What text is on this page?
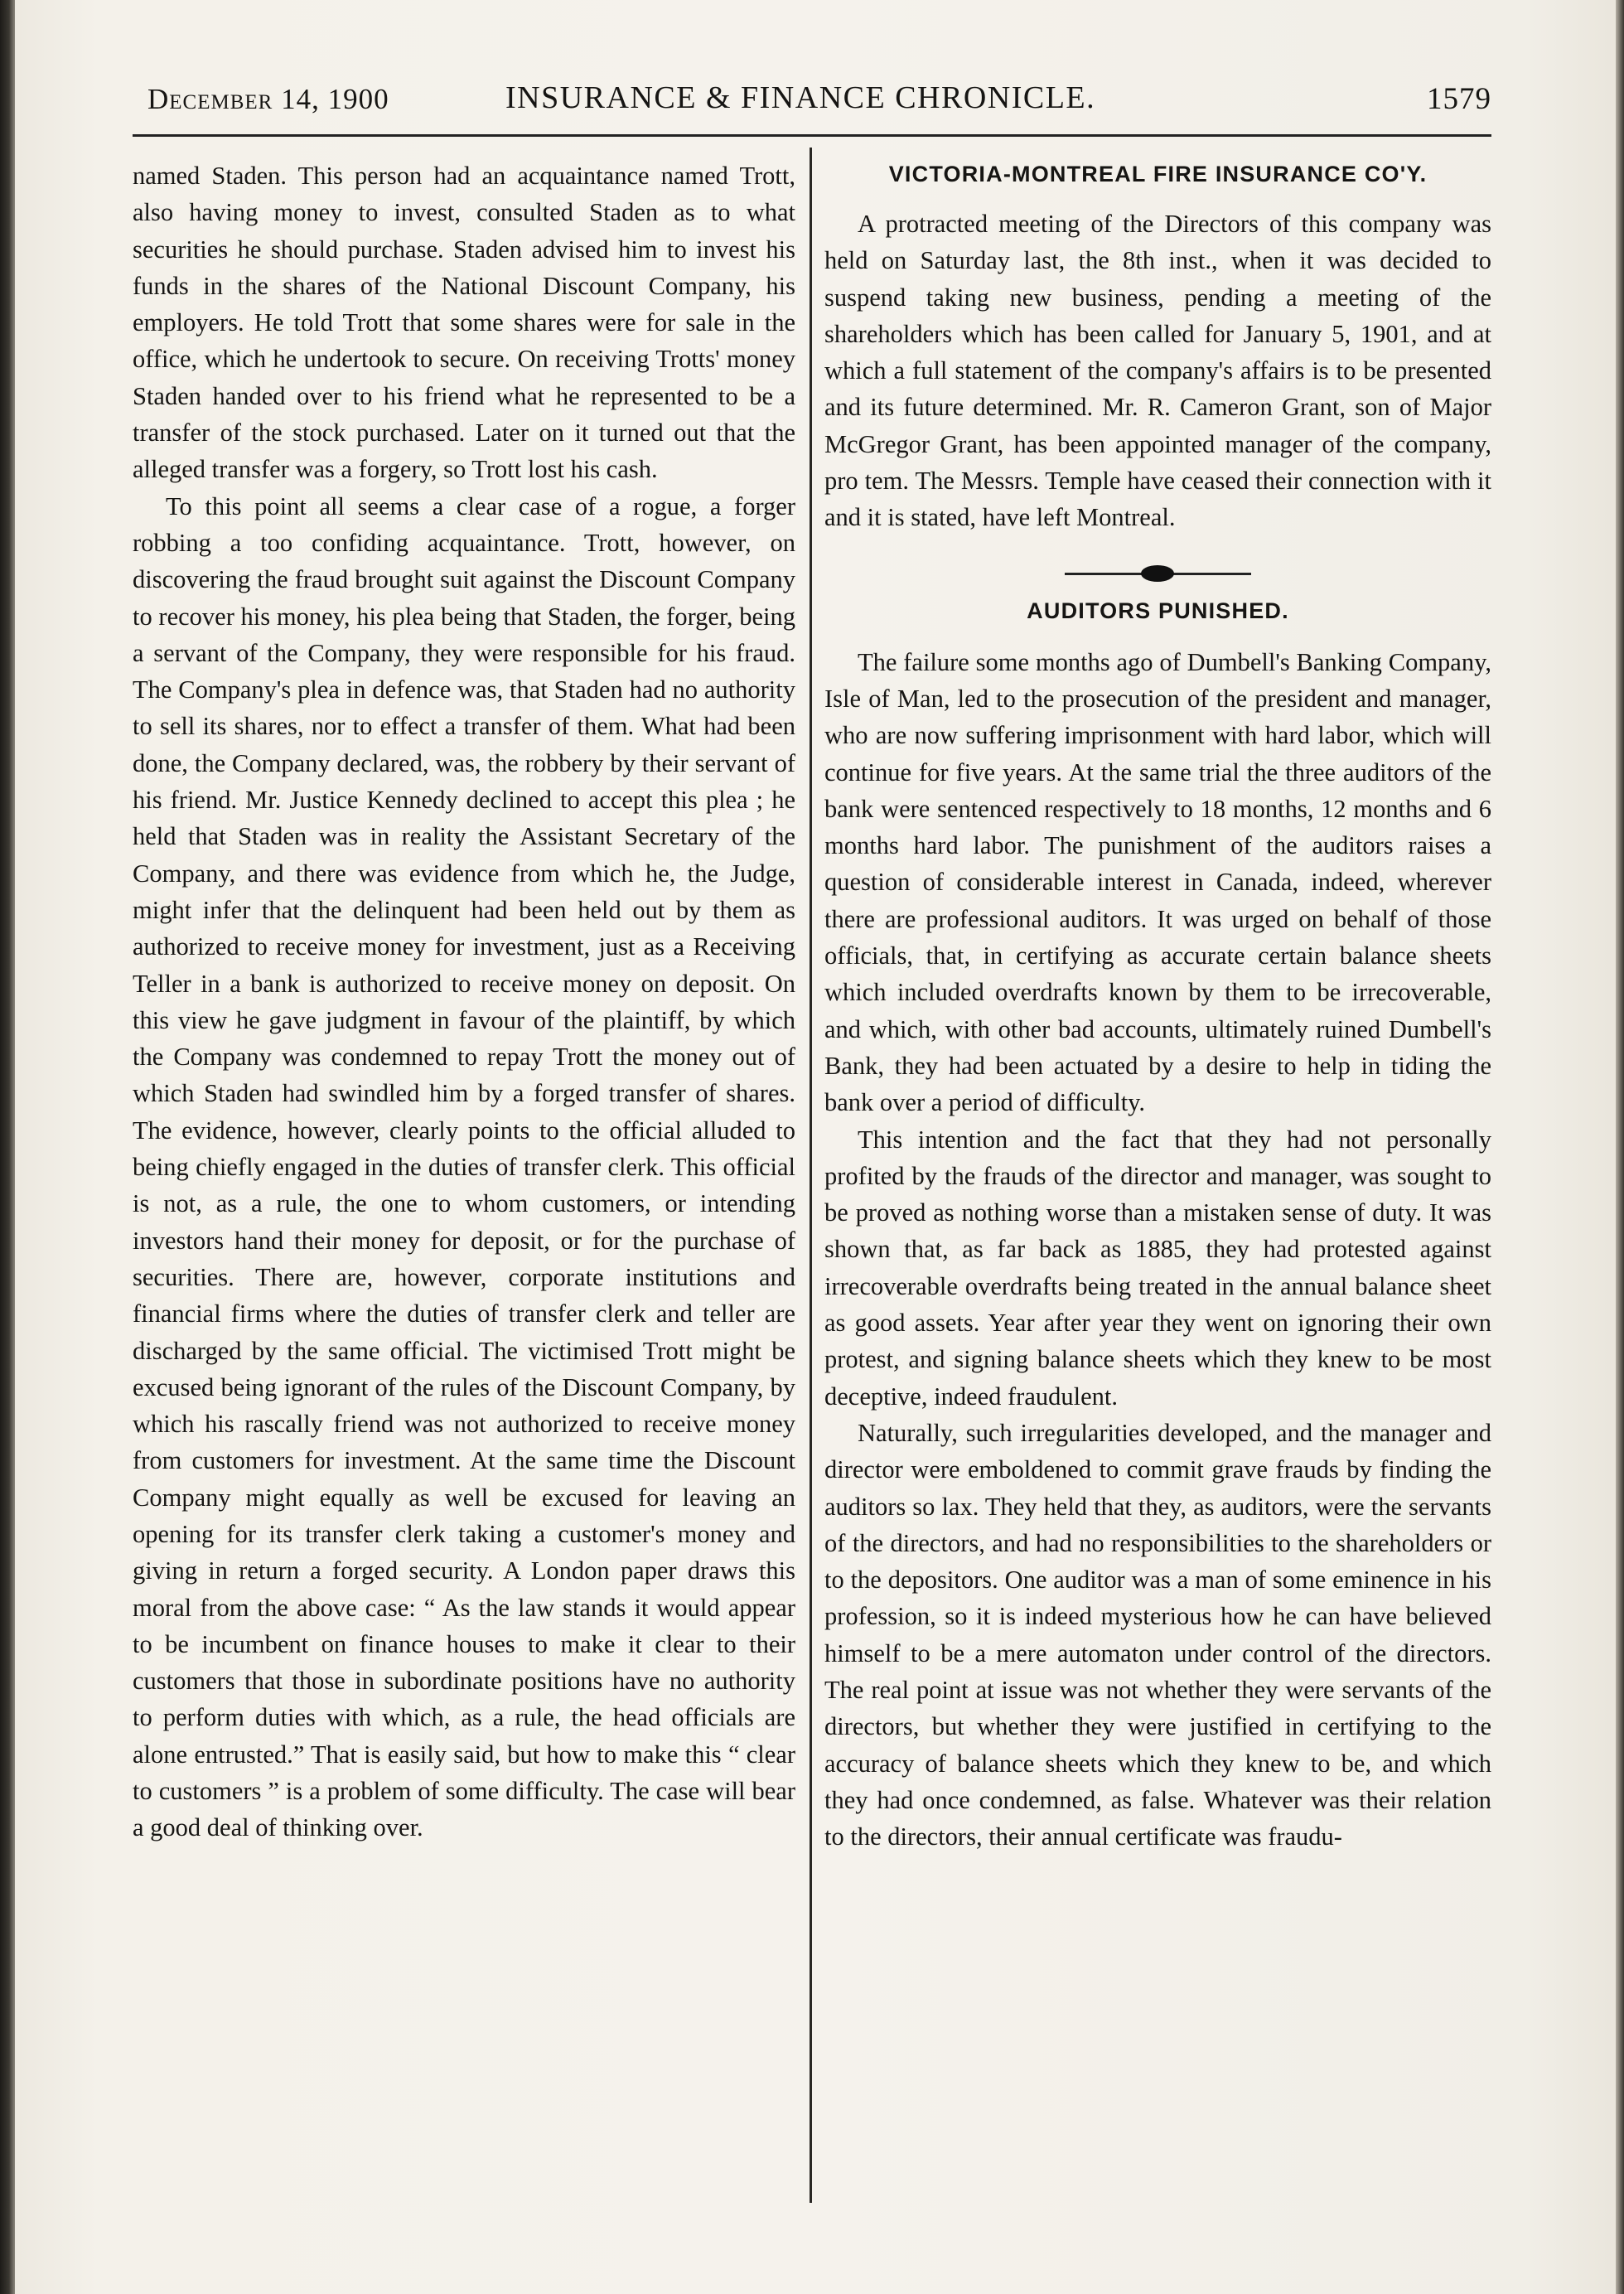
December 14, 1900	INSURANCE & FINANCE CHRONICLE.	1579

named Staden. This person had an acquaintance named Trott, also having money to invest, consulted Staden as to what securities he should purchase. Staden advised him to invest his funds in the shares of the National Discount Company, his employers. He told Trott that some shares were for sale in the office, which he undertook to secure. On receiving Trotts' money Staden handed over to his friend what he represented to be a transfer of the stock purchased. Later on it turned out that the alleged transfer was a forgery, so Trott lost his cash.

To this point all seems a clear case of a rogue, a forger robbing a too confiding acquaintance. Trott, however, on discovering the fraud brought suit against the Discount Company to recover his money, his plea being that Staden, the forger, being a servant of the Company, they were responsible for his fraud. The Company's plea in defence was, that Staden had no authority to sell its shares, nor to effect a transfer of them. What had been done, the Company declared, was, the robbery by their servant of his friend. Mr. Justice Kennedy declined to accept this plea ; he held that Staden was in reality the Assistant Secretary of the Company, and there was evidence from which he, the Judge, might infer that the delinquent had been held out by them as authorized to receive money for investment, just as a Receiving Teller in a bank is authorized to receive money on deposit. On this view he gave judgment in favour of the plaintiff, by which the Company was condemned to repay Trott the money out of which Staden had swindled him by a forged transfer of shares. The evidence, however, clearly points to the official alluded to being chiefly engaged in the duties of transfer clerk. This official is not, as a rule, the one to whom customers, or intending investors hand their money for deposit, or for the purchase of securities. There are, however, corporate institutions and financial firms where the duties of transfer clerk and teller are discharged by the same official. The victimised Trott might be excused being ignorant of the rules of the Discount Company, by which his rascally friend was not authorized to receive money from customers for investment. At the same time the Discount Company might equally as well be excused for leaving an opening for its transfer clerk taking a customer's money and giving in return a forged security. A London paper draws this moral from the above case: “ As the law stands it would appear to be incumbent on finance houses to make it clear to their customers that those in subordinate positions have no authority to perform duties with which, as a rule, the head officials are alone entrusted.” That is easily said, but how to make this “ clear to customers ” is a problem of some difficulty. The case will bear a good deal of thinking over.

VICTORIA-MONTREAL FIRE INSURANCE CO'Y.

A protracted meeting of the Directors of this company was held on Saturday last, the 8th inst., when it was decided to suspend taking new business, pending a meeting of the shareholders which has been called for January 5, 1901, and at which a full statement of the company's affairs is to be presented and its future determined. Mr. R. Cameron Grant, son of Major McGregor Grant, has been appointed manager of the company, pro tem. The Messrs. Temple have ceased their connection with it and it is stated, have left Montreal.

AUDITORS PUNISHED.

The failure some months ago of Dumbell's Banking Company, Isle of Man, led to the prosecution of the president and manager, who are now suffering imprisonment with hard labor, which will continue for five years. At the same trial the three auditors of the bank were sentenced respectively to 18 months, 12 months and 6 months hard labor. The punishment of the auditors raises a question of considerable interest in Canada, indeed, wherever there are professional auditors. It was urged on behalf of those officials, that, in certifying as accurate certain balance sheets which included overdrafts known by them to be irrecoverable, and which, with other bad accounts, ultimately ruined Dumbell's Bank, they had been actuated by a desire to help in tiding the bank over a period of difficulty.

This intention and the fact that they had not personally profited by the frauds of the director and manager, was sought to be proved as nothing worse than a mistaken sense of duty. It was shown that, as far back as 1885, they had protested against irrecoverable overdrafts being treated in the annual balance sheet as good assets. Year after year they went on ignoring their own protest, and signing balance sheets which they knew to be most deceptive, indeed fraudulent.

Naturally, such irregularities developed, and the manager and director were emboldened to commit grave frauds by finding the auditors so lax. They held that they, as auditors, were the servants of the directors, and had no responsibilities to the shareholders or to the depositors. One auditor was a man of some eminence in his profession, so it is indeed mysterious how he can have believed himself to be a mere automaton under control of the directors. The real point at issue was not whether they were servants of the directors, but whether they were justified in certifying to the accuracy of balance sheets which they knew to be, and which they had once condemned, as false. Whatever was their relation to the directors, their annual certificate was fraudu-
